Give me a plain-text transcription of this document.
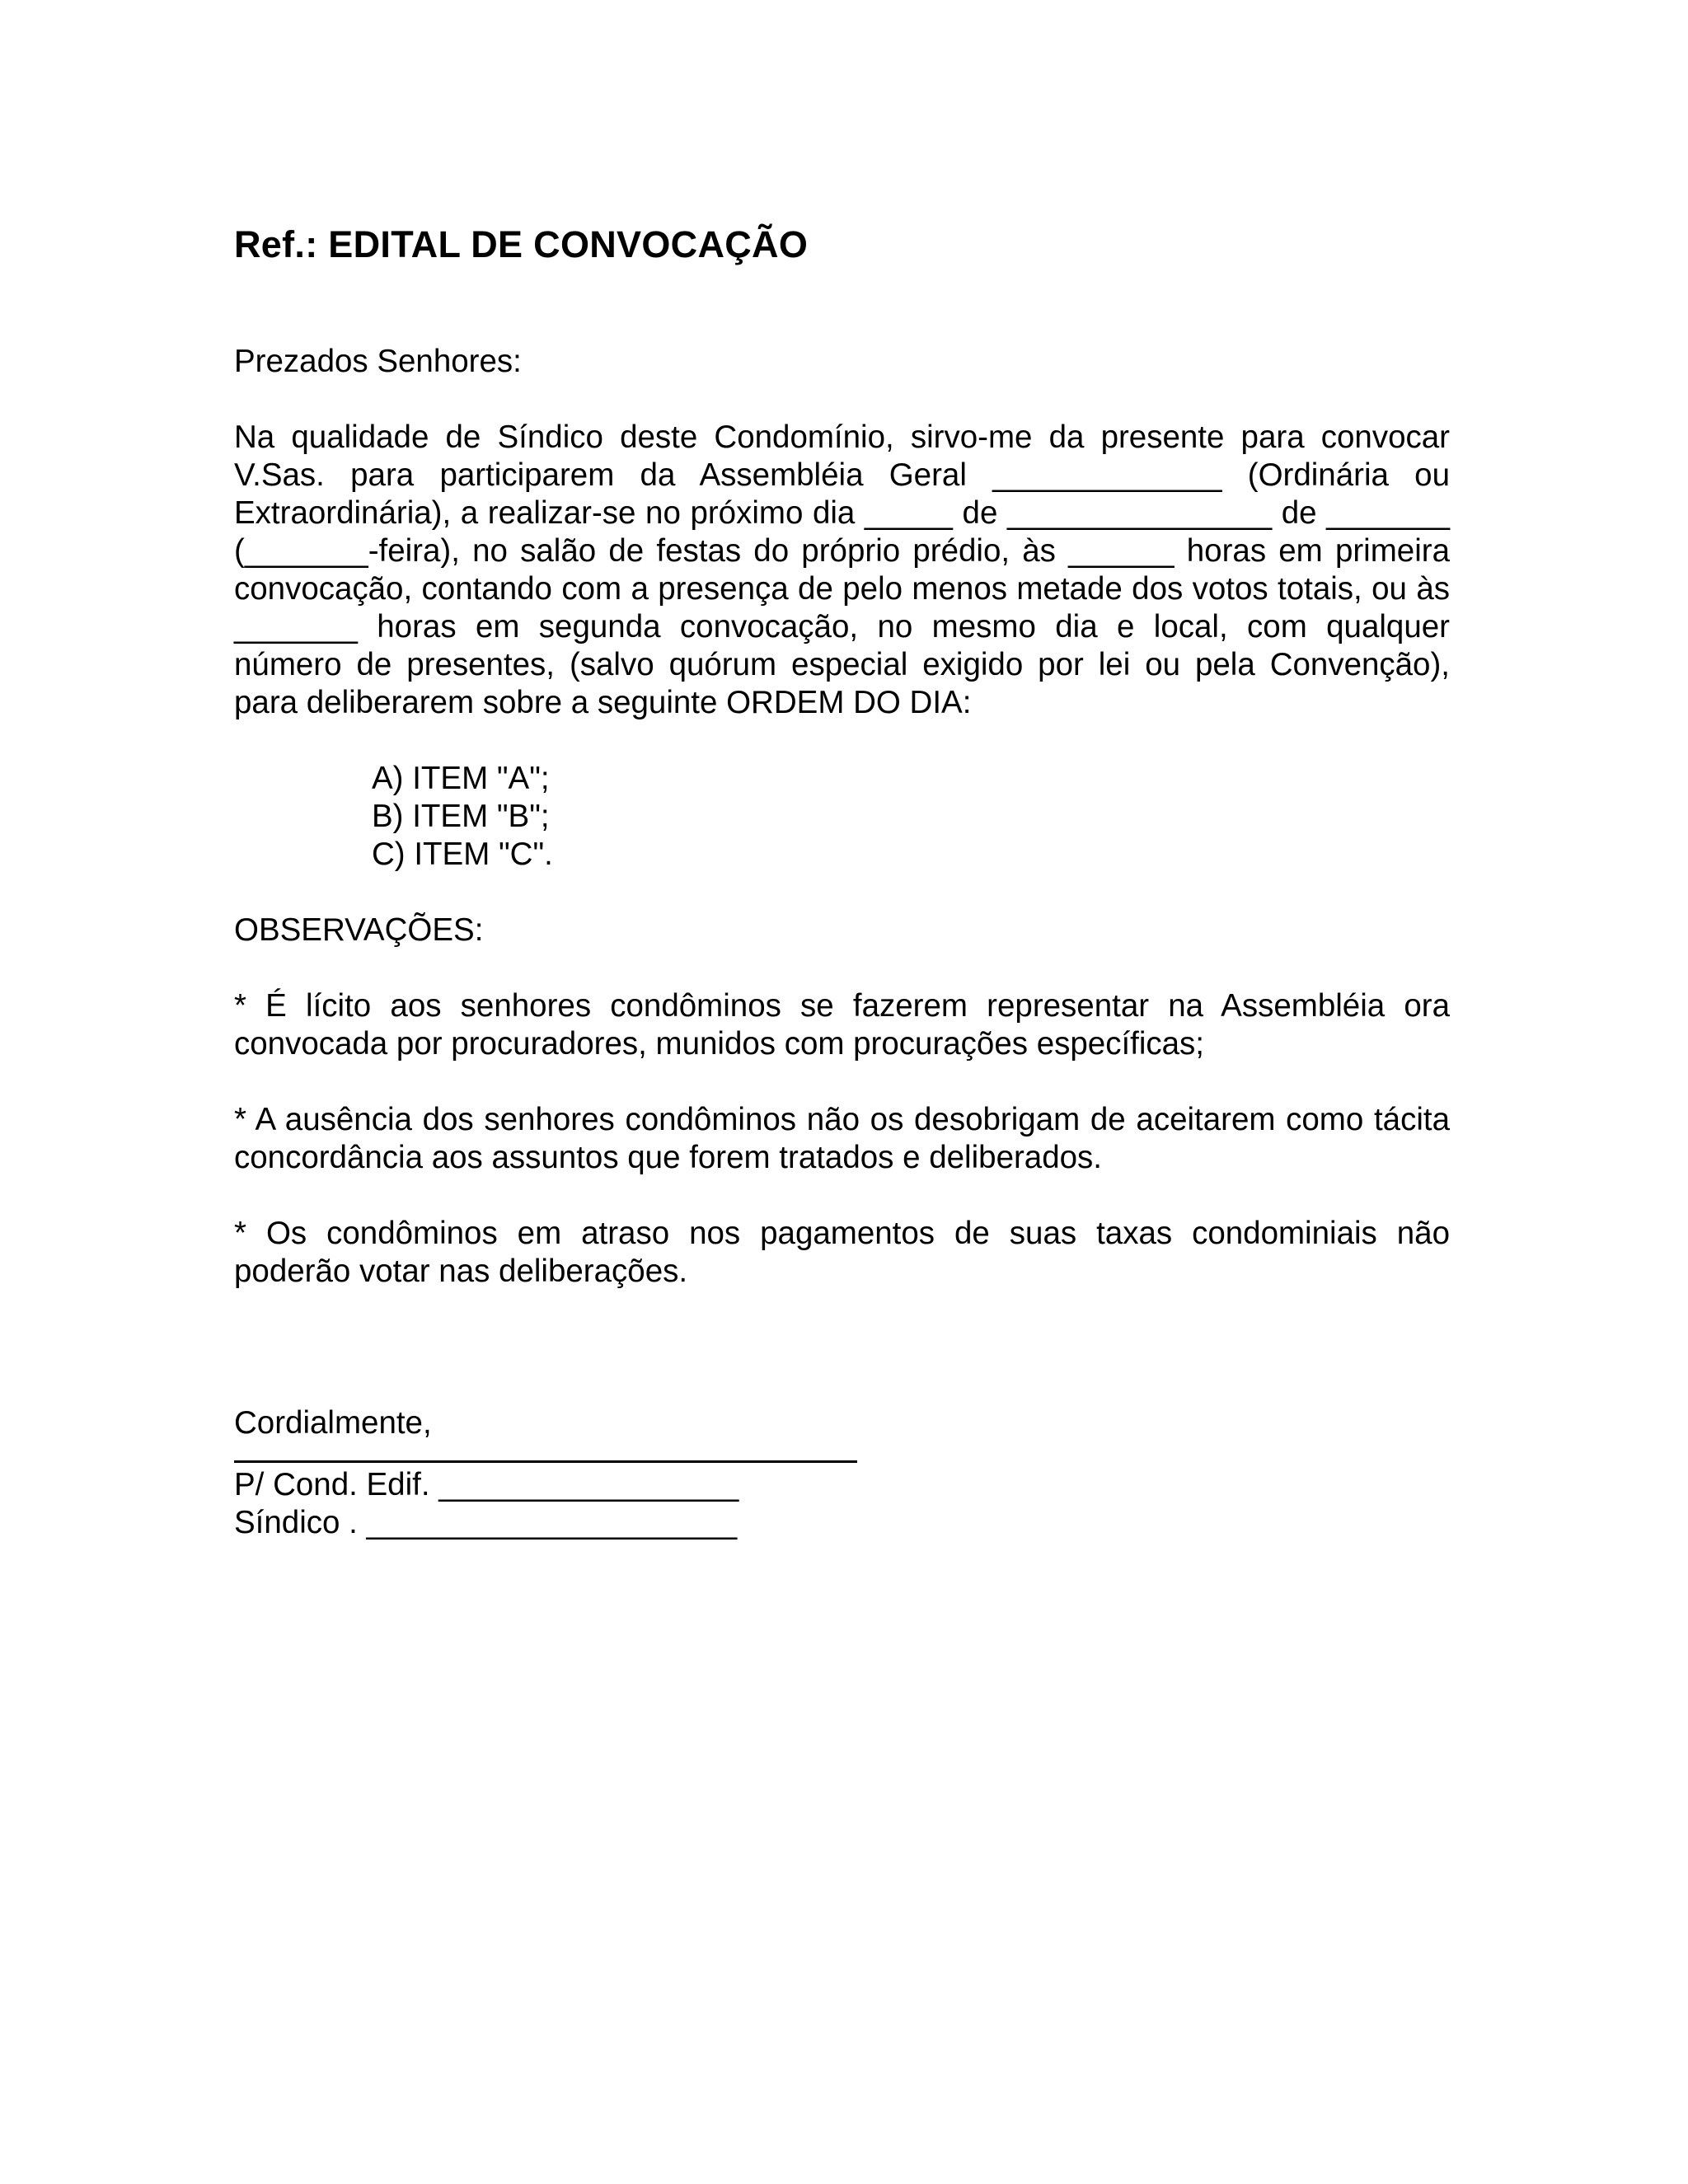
Ref.: EDITAL DE CONVOCAÇÃO
Prezados Senhores:
Na qualidade de Síndico deste Condomínio, sirvo-me da presente para convocar V.Sas. para participarem da Assembléia Geral _____________ (Ordinária ou Extraordinária), a realizar-se no próximo dia _____ de _______________ de _______ (_______-feira), no salão de festas do próprio prédio, às ______ horas em primeira convocação, contando com a presença de pelo menos metade dos votos totais, ou às _______ horas em segunda convocação, no mesmo dia e local, com qualquer número de presentes, (salvo quórum especial exigido por lei ou pela Convenção), para deliberarem sobre a seguinte ORDEM DO DIA:
A) ITEM "A";
B) ITEM "B";
C) ITEM "C".
OBSERVAÇÕES:
* É lícito aos senhores condôminos se fazerem representar na Assembléia ora convocada por procuradores, munidos com procurações específicas;
* A ausência dos senhores condôminos não os desobrigam de aceitarem como tácita concordância aos assuntos que forem tratados e deliberados.
* Os condôminos em atraso nos pagamentos de suas taxas condominiais não poderão votar nas deliberações.
Cordialmente,
P/ Cond. Edif. _________________
Síndico . _____________________
